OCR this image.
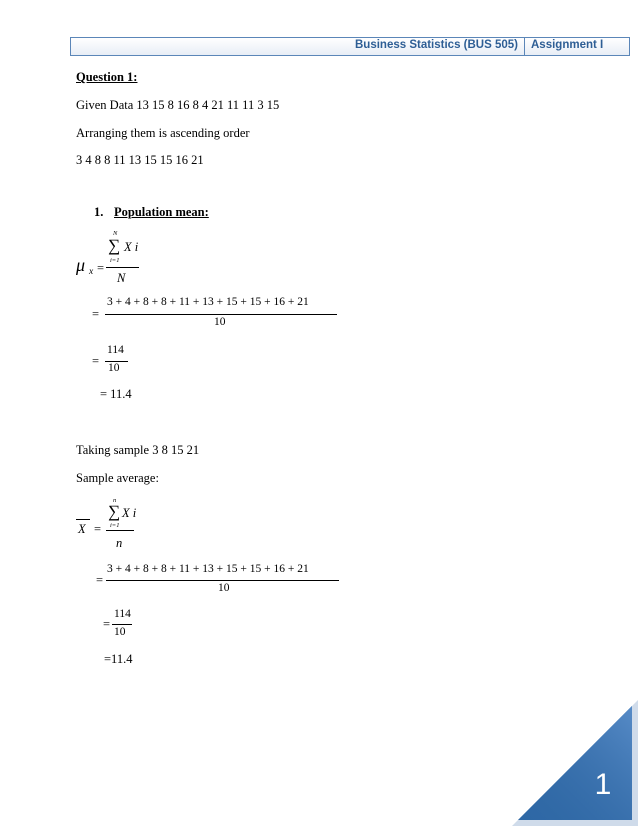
Business Statistics (BUS 505) Assignment I
Question 1:
Given Data 13 15 8 16 8 4 21 11 11 3 15
Arranging them is ascending order
3 4 8 8 11 13 15 15 16 21
1. Population mean:
N
∑ X i
i=1
μ x =
N
3 + 4 + 8 + 8 + 11 + 13 + 15 + 15 + 16 + 21
=
10
114
= 10
= 11.4
Taking sample 3 8 15 21
Sample average:
n
∑ X i
i=1
X =
n
3 + 4 + 8 + 8 + 11 + 13 + 15 + 15 + 16 + 21
=
10
114
=
10
=11.4
1
